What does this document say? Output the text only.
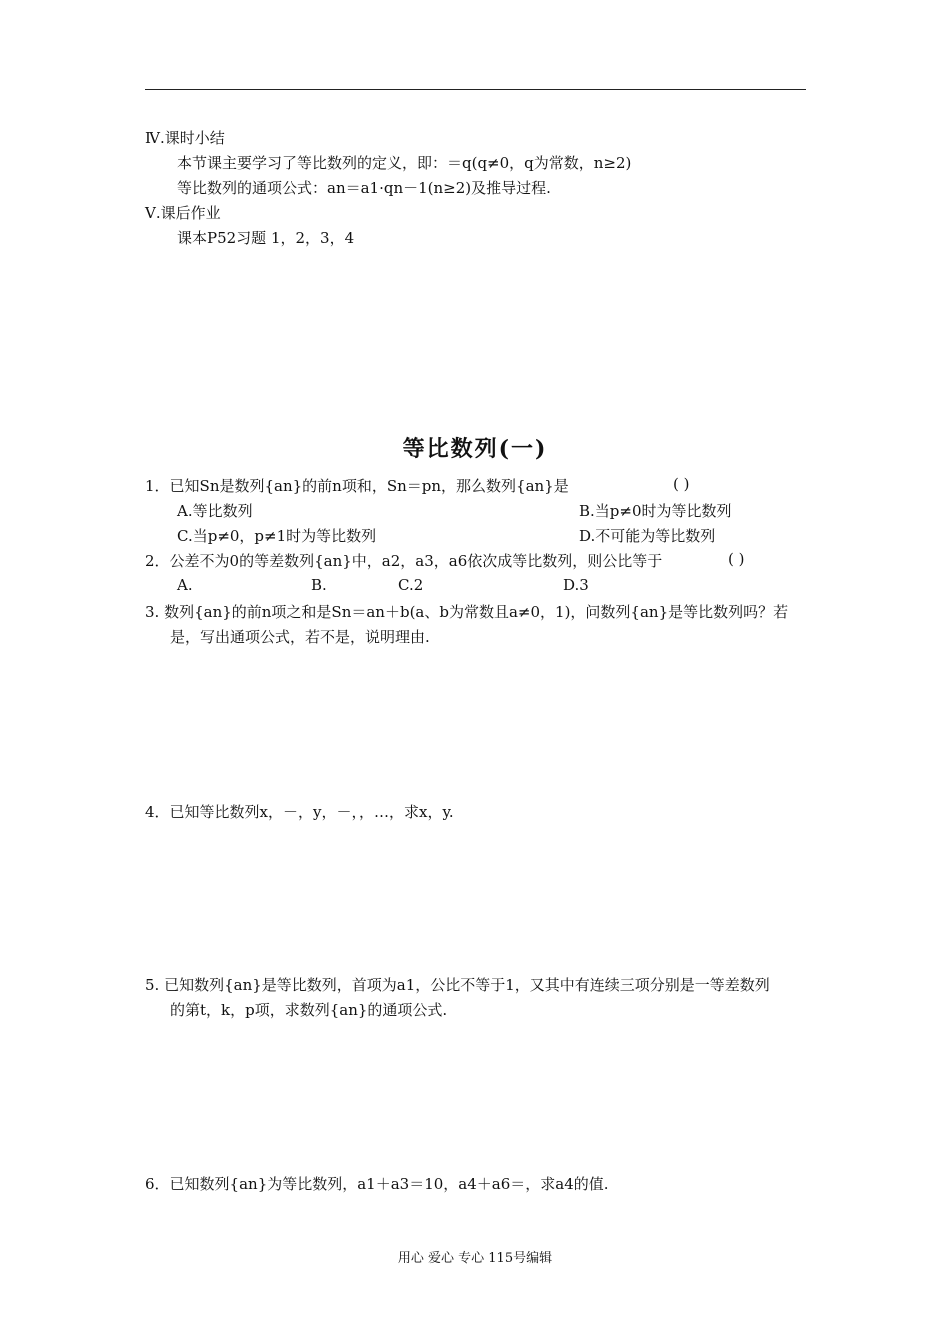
Ⅳ.课时小结
本节课主要学习了等比数列的定义，即：＝q(q≠0，q为常数，n≥2)
等比数列的通项公式：an＝a1·qn－1(n≥2)及推导过程.
Ⅴ.课后作业
课本P52习题 1，2，3，4
等比数列(一)
1．已知Sn是数列{an}的前n项和，Sn＝pn，那么数列{an}是	( )
A.等比数列	B.当p≠0时为等比数列
C.当p≠0，p≠1时为等比数列	D.不可能为等比数列
2．公差不为0的等差数列{an}中，a2，a3，a6依次成等比数列，则公比等于	( )
A.	B.	C.2	D.3
3. 数列{an}的前n项之和是Sn＝an＋b(a、b为常数且a≠0，1)，问数列{an}是等比数列吗？若
是，写出通项公式，若不是，说明理由.
4．已知等比数列x，－，y，－，，…，求x，y.
5. 已知数列{an}是等比数列，首项为a1，公比不等于1，又其中有连续三项分别是一等差数列
的第t，k，p项，求数列{an}的通项公式.
6．已知数列{an}为等比数列，a1＋a3＝10，a4＋a6＝，求a4的值.
用心 爱心 专心 115号编辑
